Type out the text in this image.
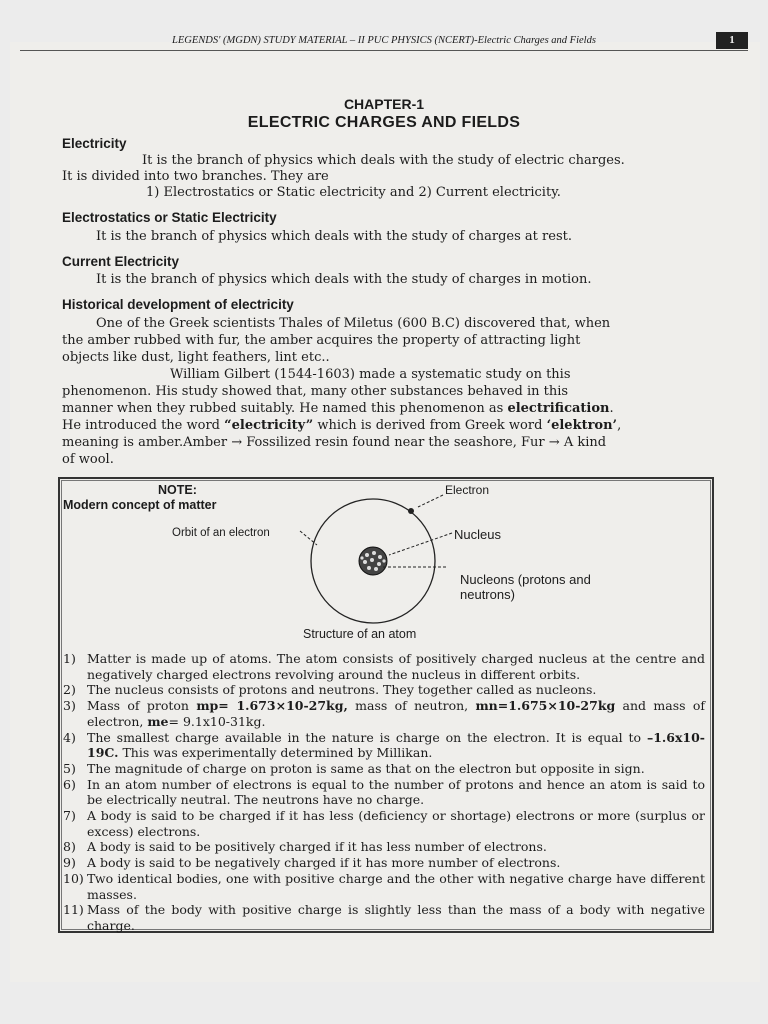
LEGENDS' (MGDN) STUDY MATERIAL – II PUC PHYSICS (NCERT)-Electric Charges and Fields	1
CHAPTER-1
ELECTRIC CHARGES AND FIELDS
Electricity
It is the branch of physics which deals with the study of electric charges.
It is divided into two branches. They are
1) Electrostatics or Static electricity and 2) Current electricity.
Electrostatics or Static Electricity
It is the branch of physics which deals with the study of charges at rest.
Current Electricity
It is the branch of physics which deals with the study of charges in motion.
Historical development of electricity
One of the Greek scientists Thales of Miletus (600 B.C) discovered that, when
the amber rubbed with fur, the amber acquires the property of attracting light
objects like dust, light feathers, lint etc..
William Gilbert (1544-1603) made a systematic study on this
phenomenon. His study showed that, many other substances behaved in this
manner when they rubbed suitably. He named this phenomenon as electrification.
He introduced the word “electricity” which is derived from Greek word ‘elektron’,
meaning is amber.Amber → Fossilized resin found near the seashore, Fur → A kind
of wool.
NOTE:
Modern concept of matter
Electron
Orbit of an electron	Nucleus
Nucleons (protons and
neutrons)
Structure of an atom
1) Matter is made up of atoms. The atom consists of positively charged nucleus at the centre and negatively charged electrons revolving around the nucleus in different orbits.
2) The nucleus consists of protons and neutrons. They together called as nucleons.
3) Mass of proton mp= 1.673×10-27kg, mass of neutron, mn=1.675×10-27kg and mass of electron, me= 9.1x10-31kg.
4) The smallest charge available in the nature is charge on the electron. It is equal to –1.6x10-19C. This was experimentally determined by Millikan.
5) The magnitude of charge on proton is same as that on the electron but opposite in sign.
6) In an atom number of electrons is equal to the number of protons and hence an atom is said to be electrically neutral. The neutrons have no charge.
7) A body is said to be charged if it has less (deficiency or shortage) electrons or more (surplus or excess) electrons.
8) A body is said to be positively charged if it has less number of electrons.
9) A body is said to be negatively charged if it has more number of electrons.
10) Two identical bodies, one with positive charge and the other with negative charge have different masses.
11) Mass of the body with positive charge is slightly less than the mass of a body with negative charge.
